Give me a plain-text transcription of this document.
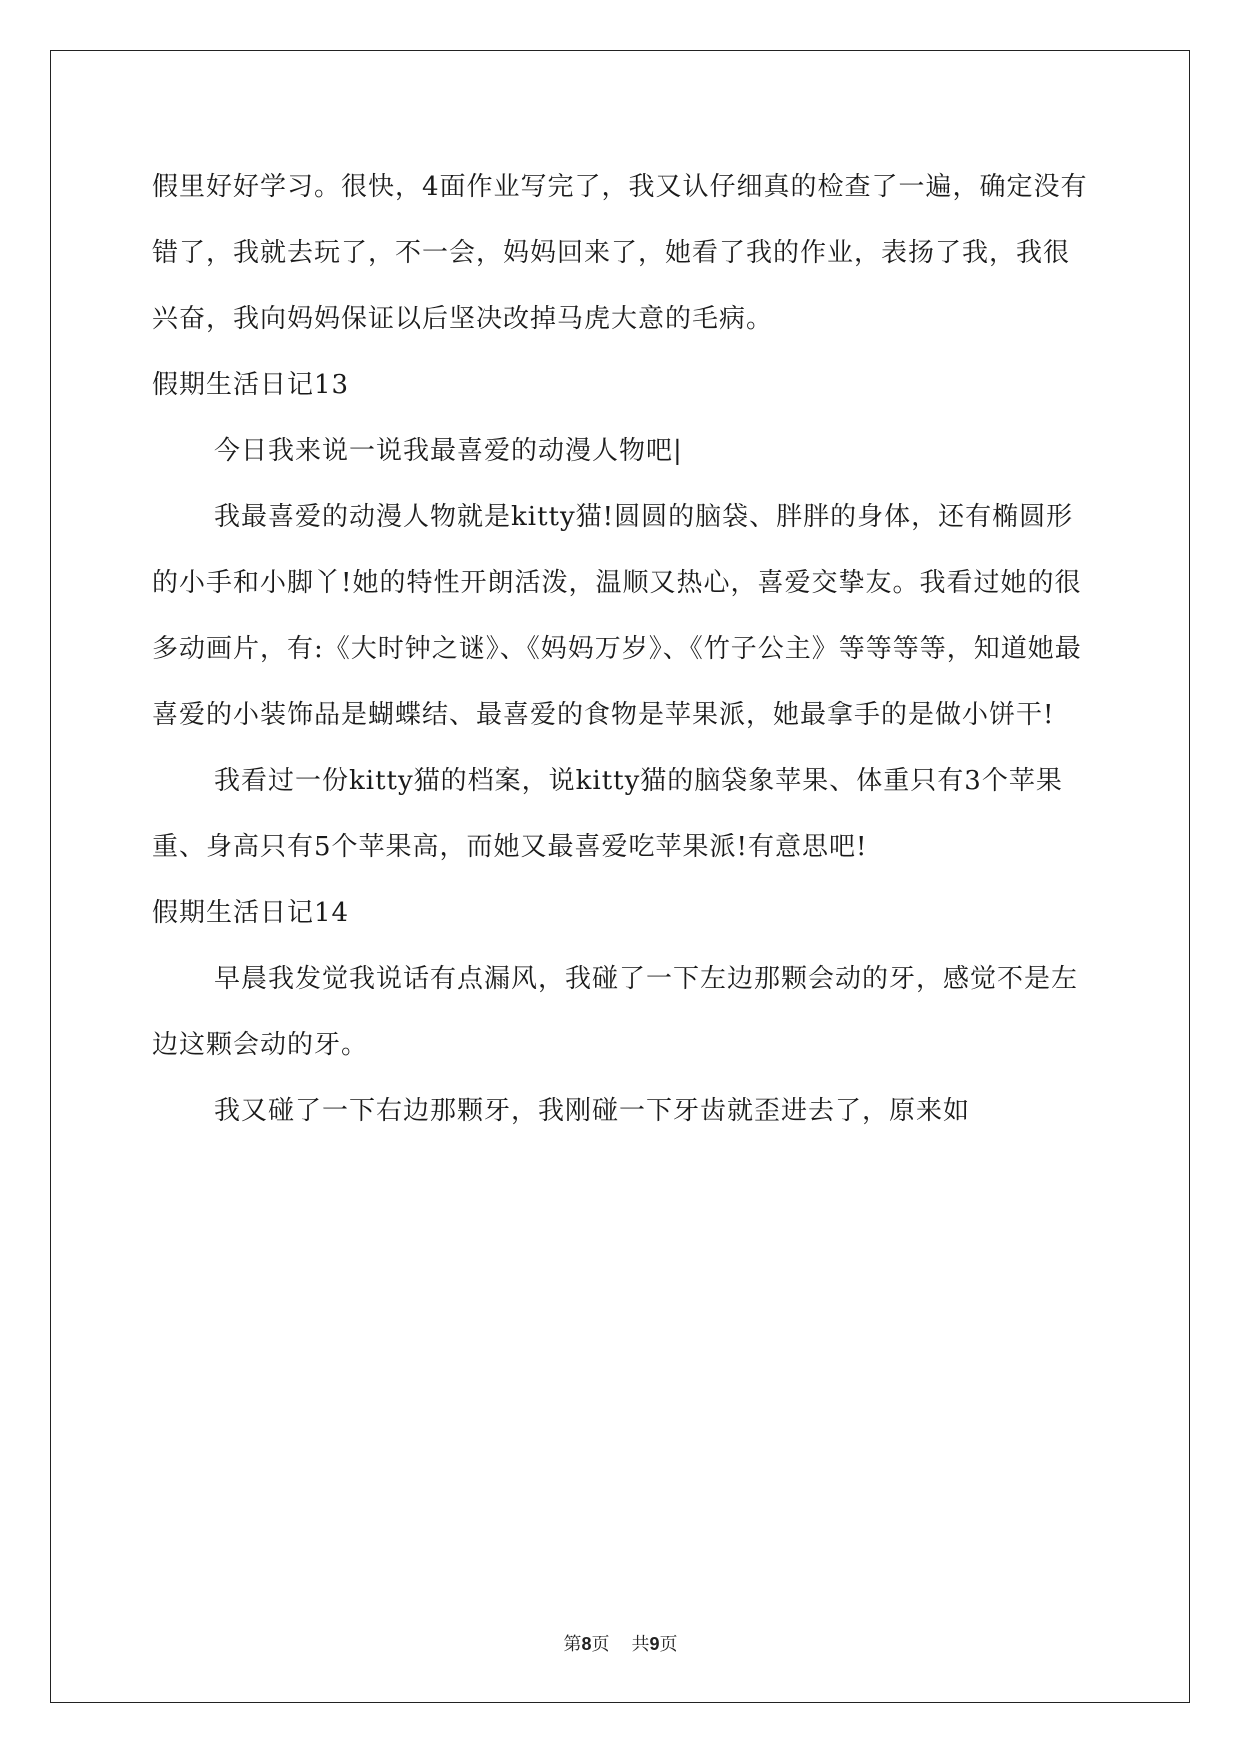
假里好好学习。很快，4面作业写完了，我又认仔细真的检查了一遍，确定没有错了，我就去玩了，不一会，妈妈回来了，她看了我的作业，表扬了我，我很兴奋，我向妈妈保证以后坚决改掉马虎大意的毛病。

假期生活日记13

今日我来说一说我最喜爱的动漫人物吧|

我最喜爱的动漫人物就是kitty猫!圆圆的脑袋、胖胖的身体，还有椭圆形的小手和小脚丫!她的特性开朗活泼，温顺又热心，喜爱交挚友。我看过她的很多动画片，有:《大时钟之谜》、《妈妈万岁》、《竹子公主》等等等等，知道她最喜爱的小装饰品是蝴蝶结、最喜爱的食物是苹果派，她最拿手的是做小饼干!

我看过一份kitty猫的档案，说kitty猫的脑袋象苹果、体重只有3个苹果重、身高只有5个苹果高，而她又最喜爱吃苹果派!有意思吧!

假期生活日记14

早晨我发觉我说话有点漏风，我碰了一下左边那颗会动的牙，感觉不是左边这颗会动的牙。

我又碰了一下右边那颗牙，我刚碰一下牙齿就歪进去了，原来如

第8页 共9页
